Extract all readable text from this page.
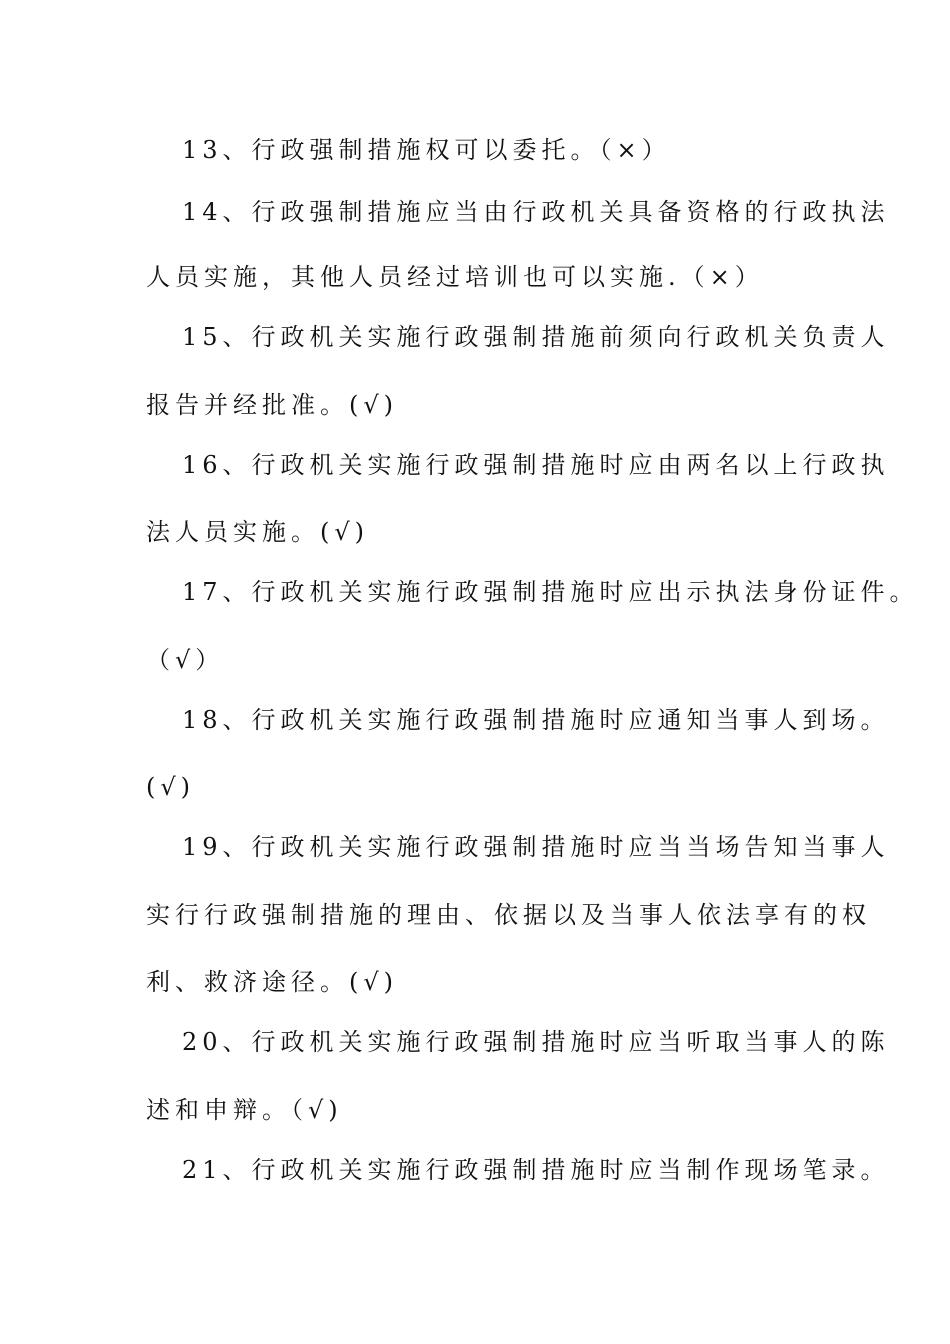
13、行政强制措施权可以委托。（×）
14、行政强制措施应当由行政机关具备资格的行政执法
人员实施，其他人员经过培训也可以实施.（×）
15、行政机关实施行政强制措施前须向行政机关负责人
报告并经批准。(√)
16、行政机关实施行政强制措施时应由两名以上行政执
法人员实施。(√)
17、行政机关实施行政强制措施时应出示执法身份证件。
（√）
18、行政机关实施行政强制措施时应通知当事人到场。
(√)
19、行政机关实施行政强制措施时应当当场告知当事人
实行行政强制措施的理由、依据以及当事人依法享有的权
利、救济途径。(√)
20、行政机关实施行政强制措施时应当听取当事人的陈
述和申辩。（√)
21、行政机关实施行政强制措施时应当制作现场笔录。
